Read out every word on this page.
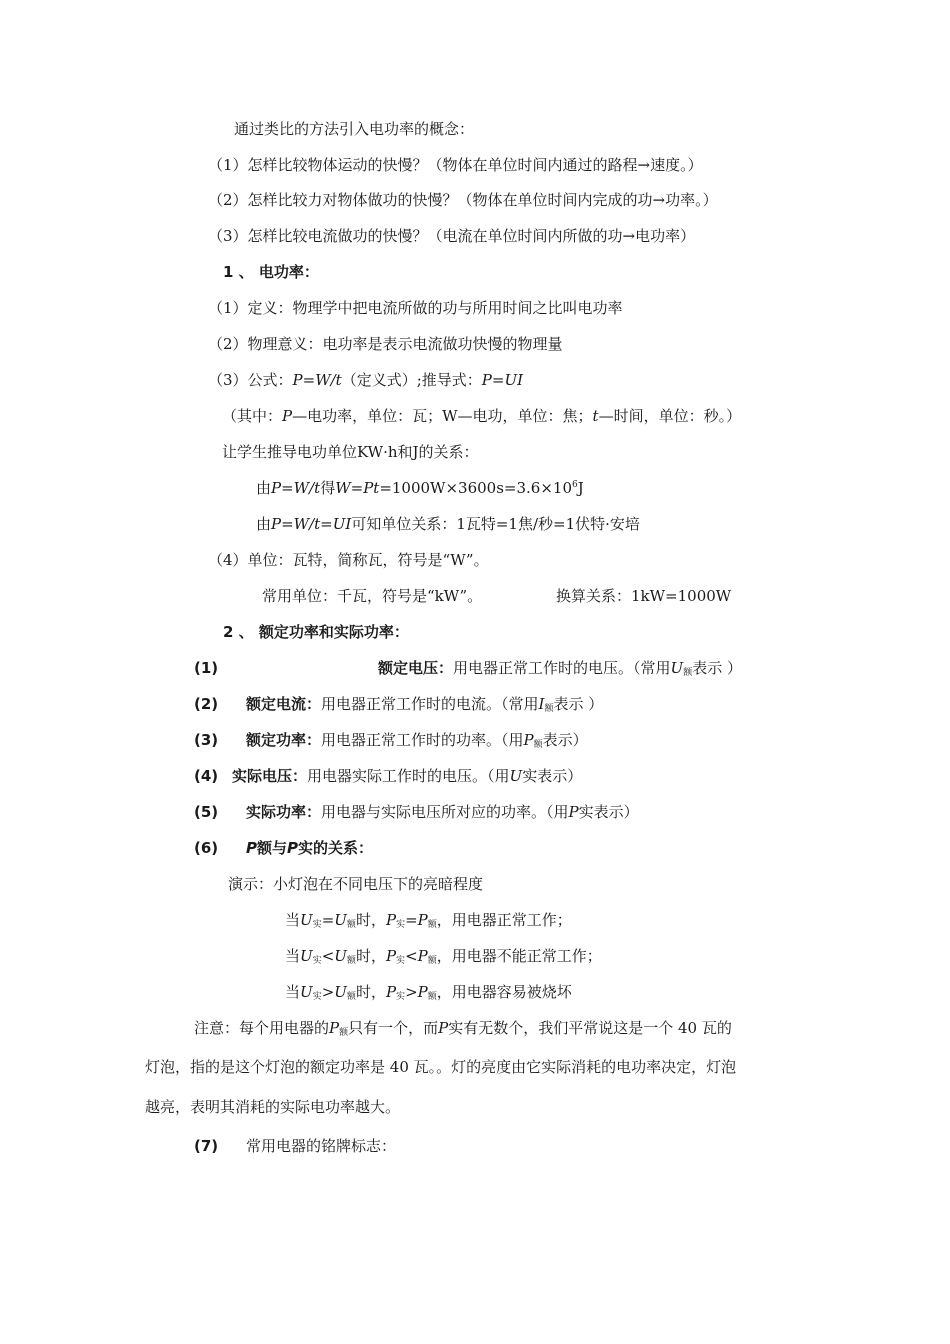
通过类比的方法引入电功率的概念：
（1）怎样比较物体运动的快慢？（物体在单位时间内通过的路程→速度。）
（2）怎样比较力对物体做功的快慢？（物体在单位时间内完成的功→功率。）
（3）怎样比较电流做功的快慢？（电流在单位时间内所做的功→电功率）
1 、 电功率：
（1）定义：物理学中把电流所做的功与所用时间之比叫电功率
（2）物理意义：电功率是表示电流做功快慢的物理量
（3）公式：P=W/t（定义式）;推导式：P=UI
（其中：P—电功率，单位：瓦；W—电功，单位：焦；t—时间，单位：秒。）
让学生推导电功单位KW·h和J的关系：
由P=W/t得$W=Pt=1000W\times 3600s=3.6\times 10^6J$
由P=W/t=UI可知单位关系：1瓦特=1焦/秒=1伏特·安培
（4）单位：瓦特，简称瓦，符号是“W”。
常用单位：千瓦，符号是“kW”。	换算关系：1kW=1000W
2 、 额定功率和实际功率：
(1)	额定电压：用电器正常工作时的电压。（常用$U_额$表示 ）
(2) 额定电流：用电器正常工作时的电流。（常用$I_额$表示 ）
(3) 额定功率：用电器正常工作时的功率。（用$P_额$表示）
(4) 实际电压：用电器实际工作时的电压。（用U实表示）
(5) 实际功率：用电器与实际电压所对应的功率。（用P实表示）
(6) P额与P实的关系：
演示：小灯泡在不同电压下的亮暗程度
当$U_实=U_额$时，$P_实=P_额$，用电器正常工作；
当$U_实<U_额$时，$P_实<P_额$，用电器不能正常工作；
当$U_实>U_额$时，$P_实>P_额$，用电器容易被烧坏
注意：每个用电器的$P_额$只有一个，而P实有无数个，我们平常说这是一个 40 瓦的
灯泡，指的是这个灯泡的额定功率是 40 瓦。。灯的亮度由它实际消耗的电功率决定，灯泡
越亮，表明其消耗的实际电功率越大。
(7) 常用电器的铭牌标志：
